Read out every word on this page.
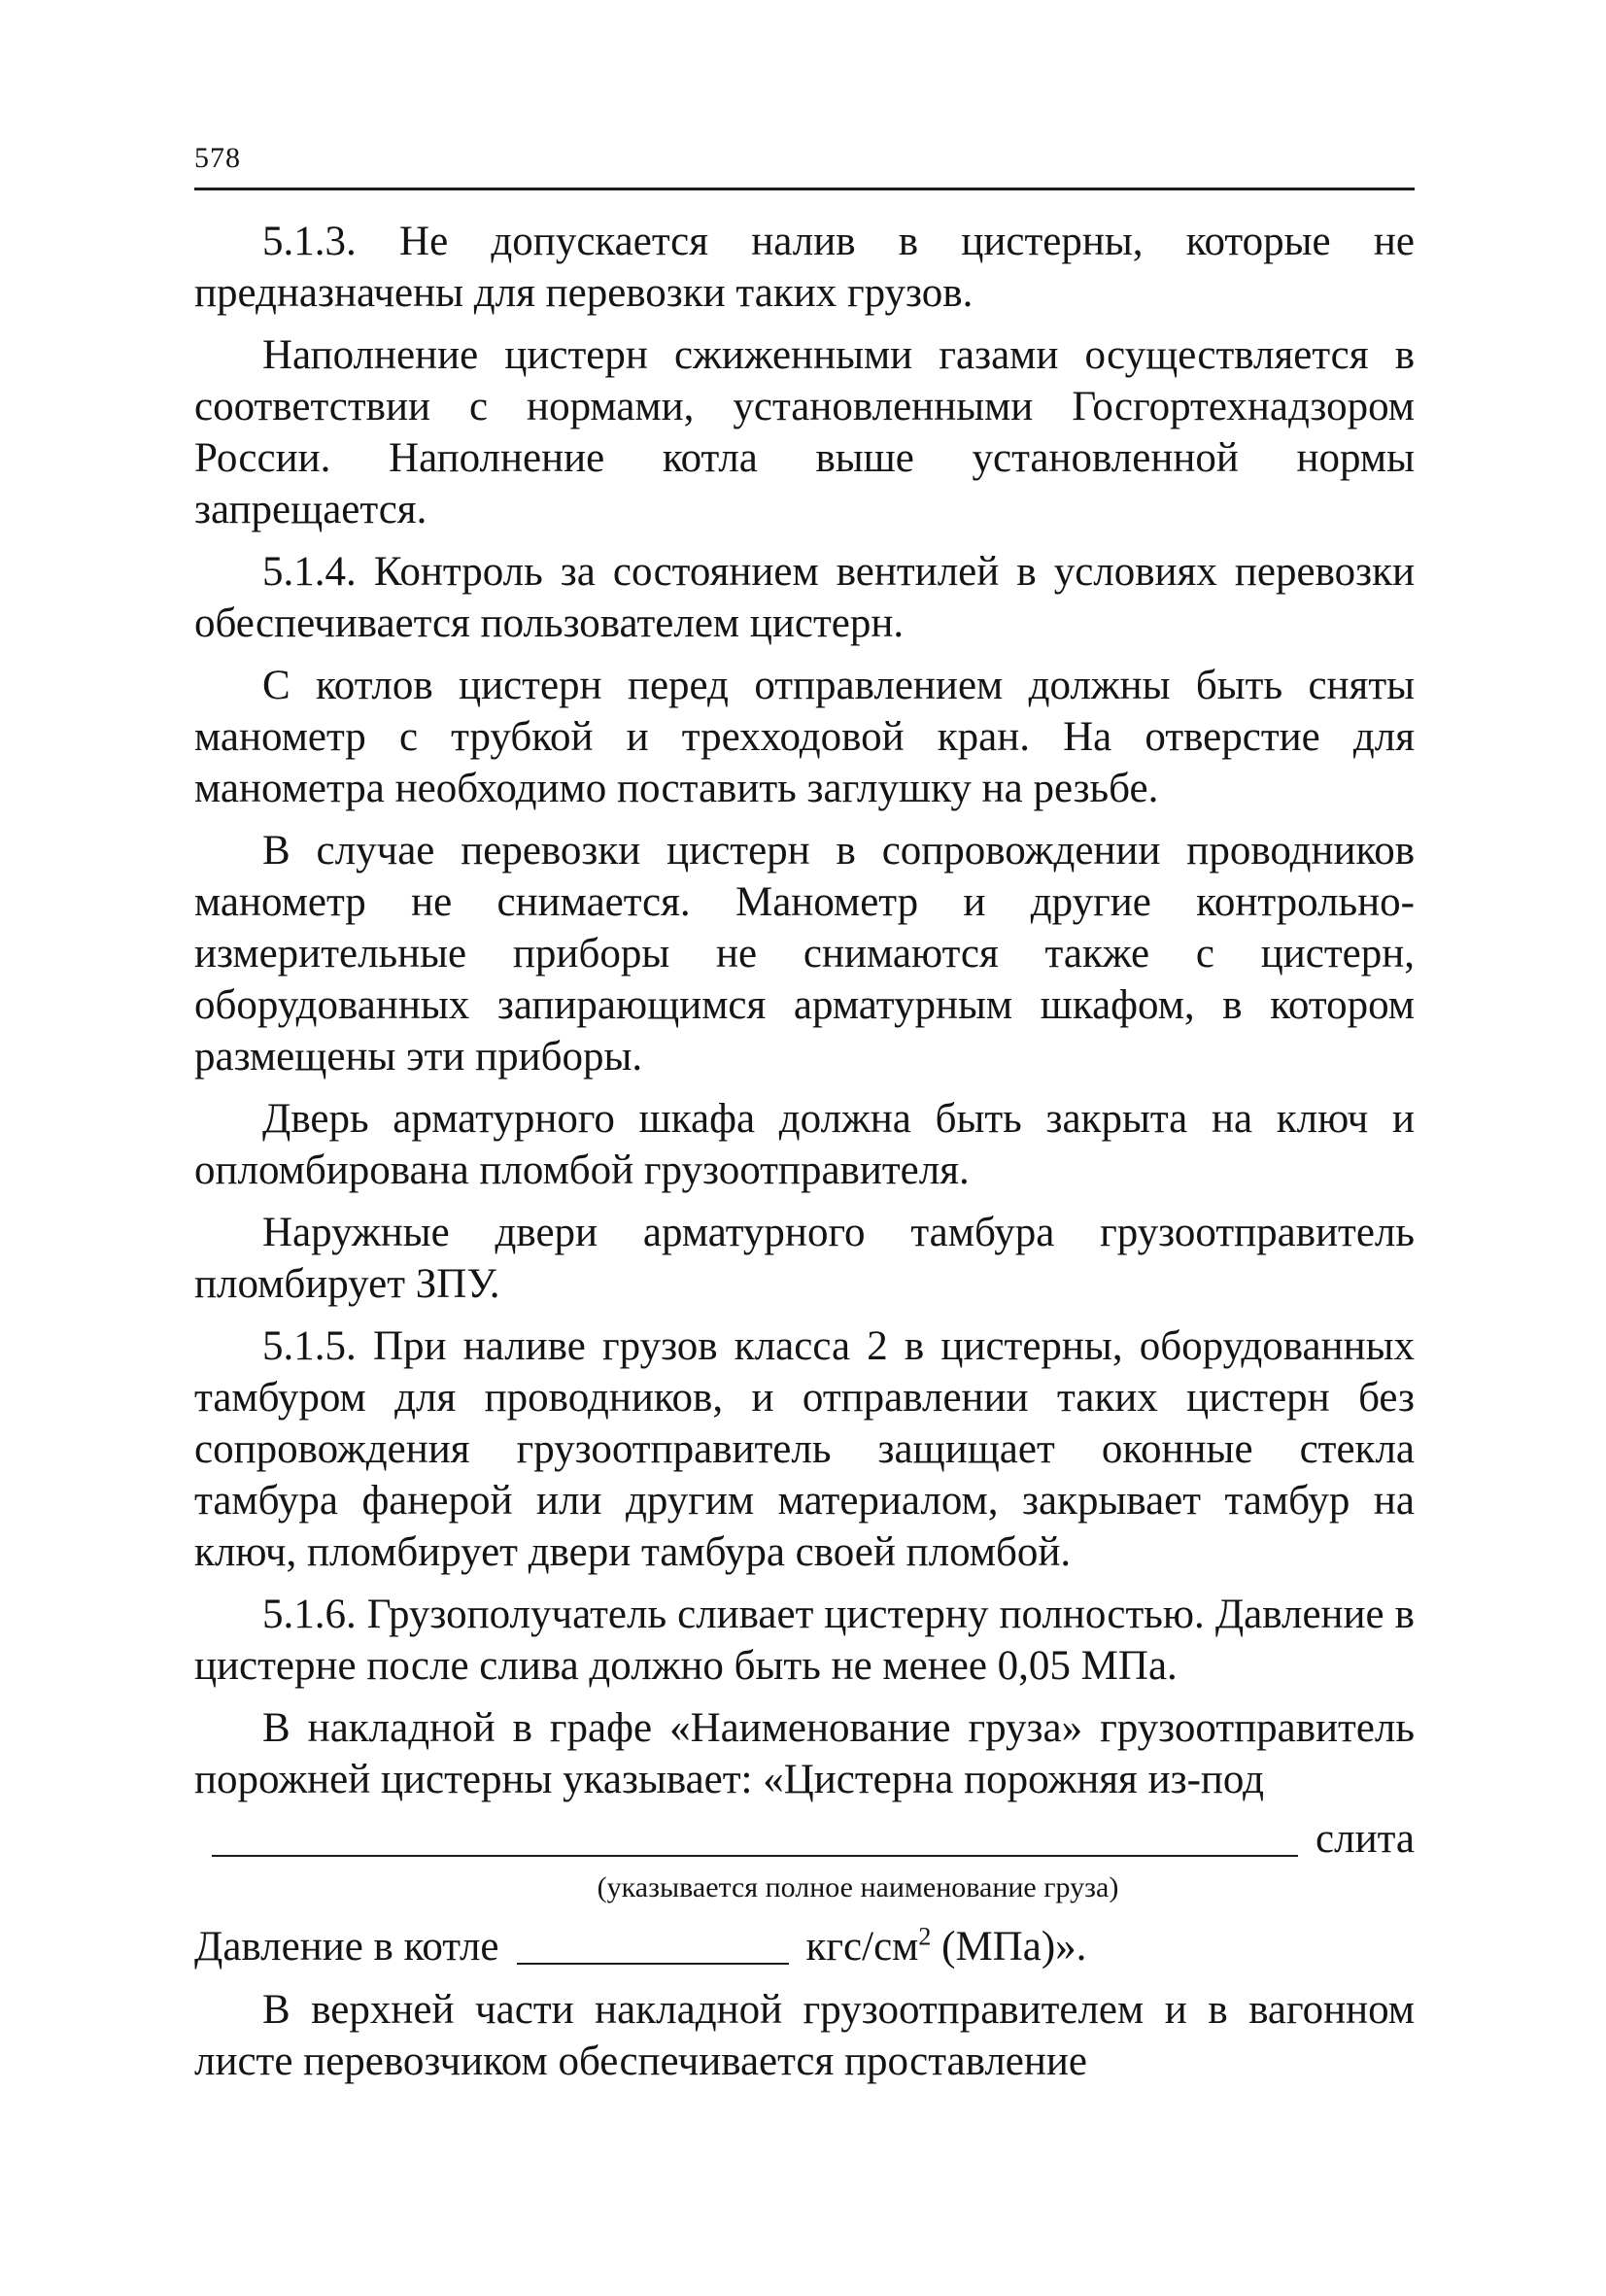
578

5.1.3. Не допускается налив в цистерны, которые не предназначены для перевозки таких грузов.

Наполнение цистерн сжиженными газами осуществляется в соответствии с нормами, установленными Госгортехнадзором России. Наполнение котла выше установленной нормы запрещается.

5.1.4. Контроль за состоянием вентилей в условиях перевозки обеспечивается пользователем цистерн.

С котлов цистерн перед отправлением должны быть сняты манометр с трубкой и трехходовой кран. На отверстие для манометра необходимо поставить заглушку на резьбе.

В случае перевозки цистерн в сопровождении проводников манометр не снимается. Манометр и другие контрольно-измерительные приборы не снимаются также с цистерн, оборудованных запирающимся арматурным шкафом, в котором размещены эти приборы.

Дверь арматурного шкафа должна быть закрыта на ключ и опломбирована пломбой грузоотправителя.

Наружные двери арматурного тамбура грузоотправитель пломбирует ЗПУ.

5.1.5. При наливе грузов класса 2 в цистерны, оборудованных тамбуром для проводников, и отправлении таких цистерн без сопровождения грузоотправитель защищает оконные стекла тамбура фанерой или другим материалом, закрывает тамбур на ключ, пломбирует двери тамбура своей пломбой.

5.1.6. Грузополучатель сливает цистерну полностью. Давление в цистерне после слива должно быть не менее 0,05 МПа.

В накладной в графе «Наименование груза» грузоотправитель порожней цистерны указывает: «Цистерна порожняя из-под

слита
(указывается полное наименование груза)
Давление в котле	кгс/$см^2$ (МПа)».

В верхней части накладной грузоотправителем и в вагонном листе перевозчиком обеспечивается проставление
